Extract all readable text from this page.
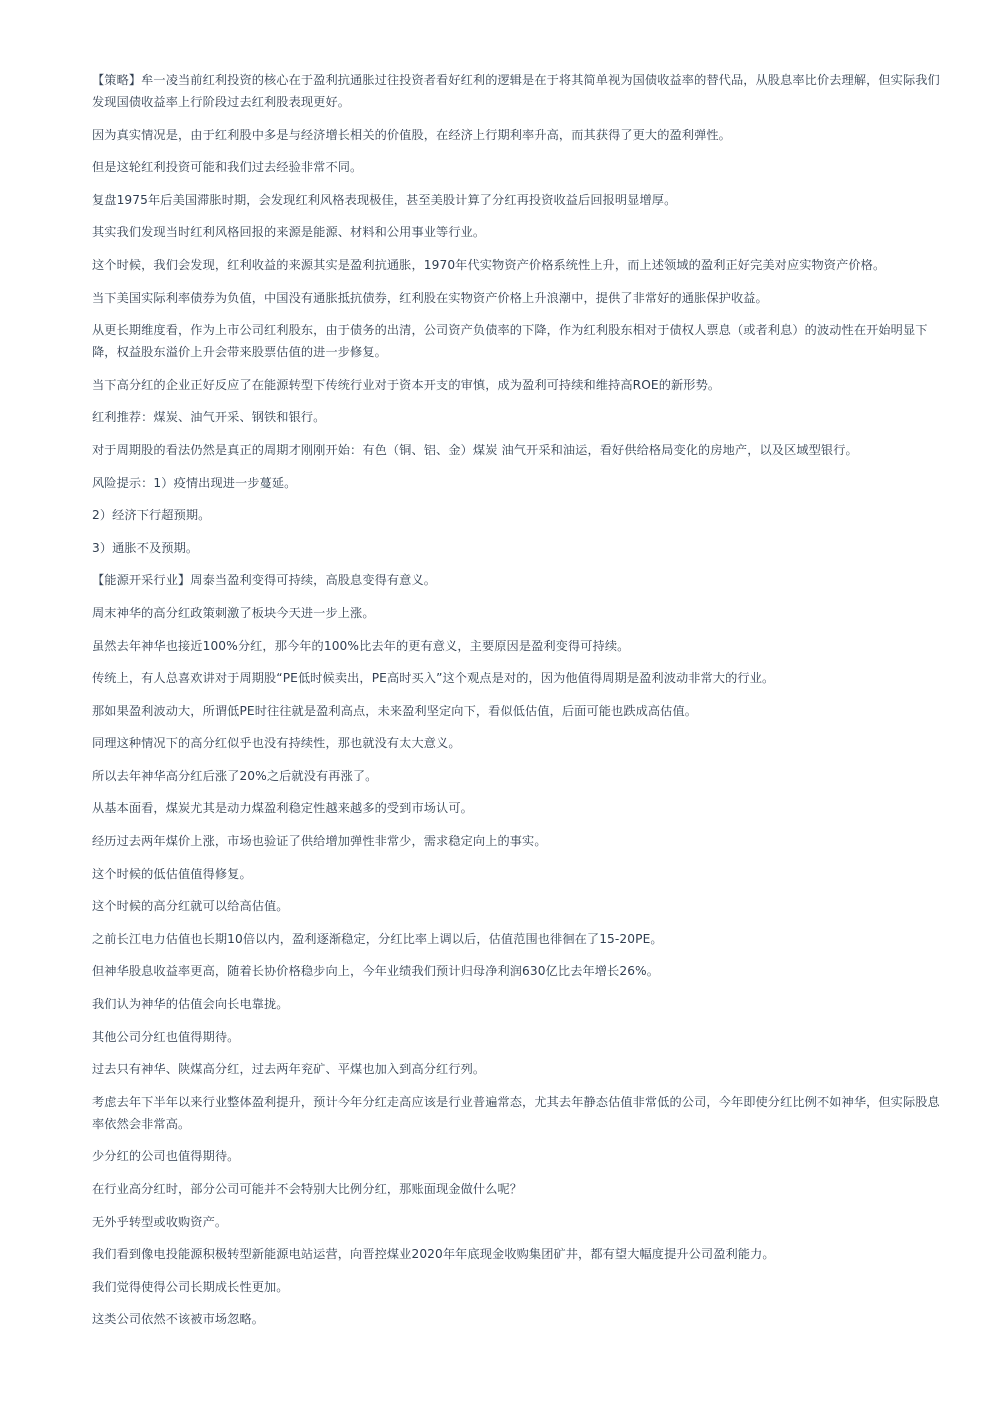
【策略】牟一凌当前红利投资的核心在于盈利抗通胀过往投资者看好红利的逻辑是在于将其简单视为国债收益率的替代品，从股息率比价去理解，但实际我们发现国债收益率上行阶段过去红利股表现更好。

因为真实情况是，由于红利股中多是与经济增长相关的价值股，在经济上行期利率升高，而其获得了更大的盈利弹性。

但是这轮红利投资可能和我们过去经验非常不同。

复盘1975年后美国滞胀时期，会发现红利风格表现极佳，甚至美股计算了分红再投资收益后回报明显增厚。

其实我们发现当时红利风格回报的来源是能源、材料和公用事业等行业。

这个时候，我们会发现，红利收益的来源其实是盈利抗通胀，1970年代实物资产价格系统性上升，而上述领域的盈利正好完美对应实物资产价格。

当下美国实际利率债券为负值，中国没有通胀抵抗债券，红利股在实物资产价格上升浪潮中，提供了非常好的通胀保护收益。

从更长期维度看，作为上市公司红利股东，由于债务的出清，公司资产负债率的下降，作为红利股东相对于债权人票息（或者利息）的波动性在开始明显下降，权益股东溢价上升会带来股票估值的进一步修复。

当下高分红的企业正好反应了在能源转型下传统行业对于资本开支的审慎，成为盈利可持续和维持高ROE的新形势。

红利推荐：煤炭、油气开采、钢铁和银行。

对于周期股的看法仍然是真正的周期才刚刚开始：有色（铜、铝、金）煤炭 油气开采和油运，看好供给格局变化的房地产，以及区域型银行。

风险提示：1）疫情出现进一步蔓延。

2）经济下行超预期。

3）通胀不及预期。

【能源开采行业】周泰当盈利变得可持续，高股息变得有意义。

周末神华的高分红政策刺激了板块今天进一步上涨。

虽然去年神华也接近100%分红，那今年的100%比去年的更有意义，主要原因是盈利变得可持续。

传统上，有人总喜欢讲对于周期股“PE低时候卖出，PE高时买入”这个观点是对的，因为他值得周期是盈利波动非常大的行业。

那如果盈利波动大，所谓低PE时往往就是盈利高点，未来盈利坚定向下，看似低估值，后面可能也跌成高估值。

同理这种情况下的高分红似乎也没有持续性，那也就没有太大意义。

所以去年神华高分红后涨了20%之后就没有再涨了。

从基本面看，煤炭尤其是动力煤盈利稳定性越来越多的受到市场认可。

经历过去两年煤价上涨，市场也验证了供给增加弹性非常少，需求稳定向上的事实。

这个时候的低估值值得修复。

这个时候的高分红就可以给高估值。

之前长江电力估值也长期10倍以内，盈利逐渐稳定，分红比率上调以后，估值范围也徘徊在了15-20PE。

但神华股息收益率更高，随着长协价格稳步向上，今年业绩我们预计归母净利润630亿比去年增长26%。

我们认为神华的估值会向长电靠拢。

其他公司分红也值得期待。

过去只有神华、陕煤高分红，过去两年兖矿、平煤也加入到高分红行列。

考虑去年下半年以来行业整体盈利提升，预计今年分红走高应该是行业普遍常态，尤其去年静态估值非常低的公司，今年即使分红比例不如神华，但实际股息率依然会非常高。

少分红的公司也值得期待。

在行业高分红时，部分公司可能并不会特别大比例分红，那账面现金做什么呢？

无外乎转型或收购资产。

我们看到像电投能源积极转型新能源电站运营，向晋控煤业2020年年底现金收购集团矿井，都有望大幅度提升公司盈利能力。

我们觉得使得公司长期成长性更加。

这类公司依然不该被市场忽略。
